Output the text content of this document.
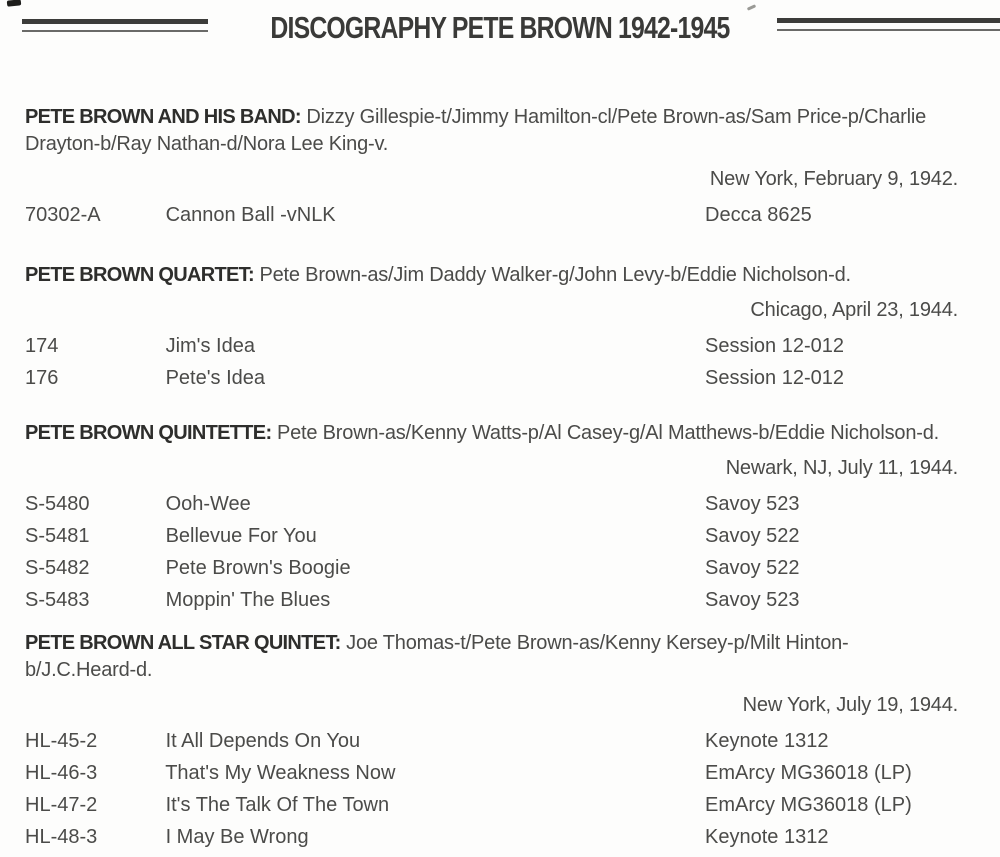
DISCOGRAPHY PETE BROWN 1942-1945
PETE BROWN AND HIS BAND: Dizzy Gillespie-t/Jimmy Hamilton-cl/Pete Brown-as/Sam Price-p/Charlie Drayton-b/Ray Nathan-d/Nora Lee King-v.
New York, February 9, 1942.
70302-A	Cannon Ball -vNLK	Decca 8625
PETE BROWN QUARTET: Pete Brown-as/Jim Daddy Walker-g/John Levy-b/Eddie Nicholson-d.
Chicago, April 23, 1944.
174	Jim's Idea	Session 12-012
176	Pete's Idea	Session 12-012
PETE BROWN QUINTETTE: Pete Brown-as/Kenny Watts-p/Al Casey-g/Al Matthews-b/Eddie Nicholson-d.
Newark, NJ, July 11, 1944.
S-5480	Ooh-Wee	Savoy 523
S-5481	Bellevue For You	Savoy 522
S-5482	Pete Brown's Boogie	Savoy 522
S-5483	Moppin' The Blues	Savoy 523
PETE BROWN ALL STAR QUINTET: Joe Thomas-t/Pete Brown-as/Kenny Kersey-p/Milt Hinton-b/J.C.Heard-d.
New York, July 19, 1944.
HL-45-2	It All Depends On You	Keynote 1312
HL-46-3	That's My Weakness Now	EmArcy MG36018 (LP)
HL-47-2	It's The Talk Of The Town	EmArcy MG36018 (LP)
HL-48-3	I May Be Wrong	Keynote 1312
